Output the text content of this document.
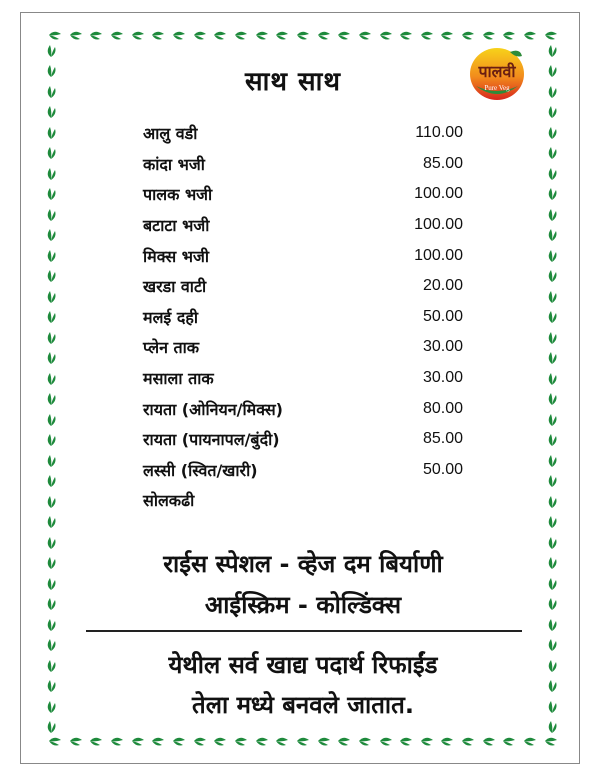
पालवी
Pure Veg
साथ साथ
आलु वडी	110.00
कांदा भजी	85.00
पालक भजी	100.00
बटाटा भजी	100.00
मिक्स भजी	100.00
खरडा वाटी	20.00
मलई दही	50.00
प्लेन ताक	30.00
मसाला ताक	30.00
रायता (ओनियन/मिक्स)	80.00
रायता (पायनापल/बुंदी)	85.00
लस्सी (स्वित/खारी)	50.00
सोलकढी
राईस स्पेशल - व्हेज दम बिर्याणी
आईस्क्रिम - कोल्डिंक्स
येथील सर्व खाद्य पदार्थ रिफाईंड
तेला मध्ये बनवले जातात.
